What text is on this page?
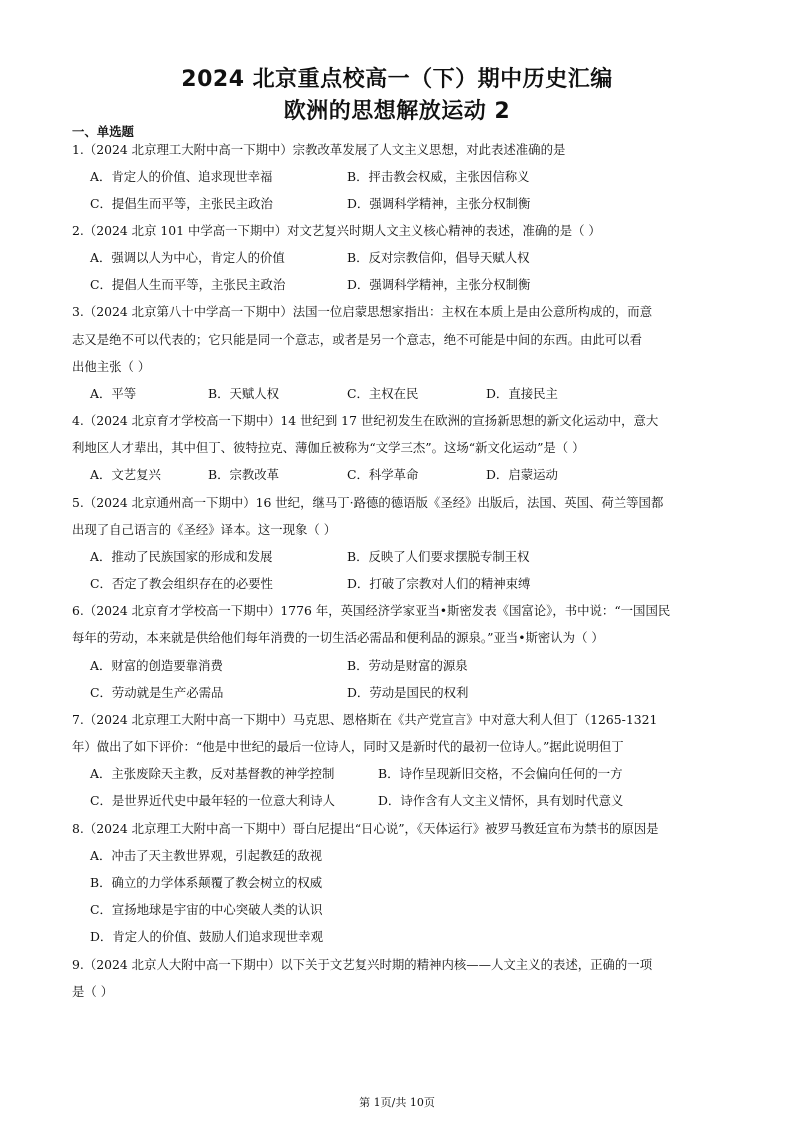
2024 北京重点校高一（下）期中历史汇编
欧洲的思想解放运动 2
一、单选题
1.（2024 北京理工大附中高一下期中）宗教改革发展了人文主义思想，对此表述准确的是
A．肯定人的价值、追求现世幸福	B．抨击教会权威，主张因信称义
C．提倡生而平等，主张民主政治	D．强调科学精神，主张分权制衡
2.（2024 北京 101 中学高一下期中）对文艺复兴时期人文主义核心精神的表述，准确的是（ ）
A．强调以人为中心，肯定人的价值	B．反对宗教信仰，倡导天赋人权
C．提倡人生而平等，主张民主政治	D．强调科学精神，主张分权制衡
3.（2024 北京第八十中学高一下期中）法国一位启蒙思想家指出：主权在本质上是由公意所构成的，而意
志又是绝不可以代表的；它只能是同一个意志，或者是另一个意志，绝不可能是中间的东西。由此可以看
出他主张（ ）
A．平等	B．天赋人权	C．主权在民	D．直接民主
4.（2024 北京育才学校高一下期中）14 世纪到 17 世纪初发生在欧洲的宣扬新思想的新文化运动中，意大
利地区人才辈出，其中但丁、彼特拉克、薄伽丘被称为“文学三杰”。这场“新文化运动”是（ ）
A．文艺复兴	B．宗教改革	C．科学革命	D．启蒙运动
5.（2024 北京通州高一下期中）16 世纪，继马丁·路德的德语版《圣经》出版后，法国、英国、荷兰等国都
出现了自己语言的《圣经》译本。这一现象（ ）
A．推动了民族国家的形成和发展	B．反映了人们要求摆脱专制王权
C．否定了教会组织存在的必要性	D．打破了宗教对人们的精神束缚
6.（2024 北京育才学校高一下期中）1776 年，英国经济学家亚当•斯密发表《国富论》，书中说：“一国国民
每年的劳动，本来就是供给他们每年消费的一切生活必需品和便利品的源泉。”亚当•斯密认为（ ）
A．财富的创造要靠消费	B．劳动是财富的源泉
C．劳动就是生产必需品	D．劳动是国民的权利
7.（2024 北京理工大附中高一下期中）马克思、恩格斯在《共产党宣言》中对意大利人但丁（1265-1321
年）做出了如下评价：“他是中世纪的最后一位诗人，同时又是新时代的最初一位诗人。”据此说明但丁
A．主张废除天主教，反对基督教的神学控制	B．诗作呈现新旧交格，不会偏向任何的一方
C．是世界近代史中最年轻的一位意大利诗人	D．诗作含有人文主义情怀，具有划时代意义
8.（2024 北京理工大附中高一下期中）哥白尼提出“日心说”，《天体运行》被罗马教廷宣布为禁书的原因是
A．冲击了天主教世界观，引起教廷的敌视
B．确立的力学体系颠覆了教会树立的权威
C．宣扬地球是宇宙的中心突破人类的认识
D．肯定人的价值、鼓励人们追求现世幸观
9.（2024 北京人大附中高一下期中）以下关于文艺复兴时期的精神内核——人文主义的表述，正确的一项
是（ ）
第 1页/共 10页
